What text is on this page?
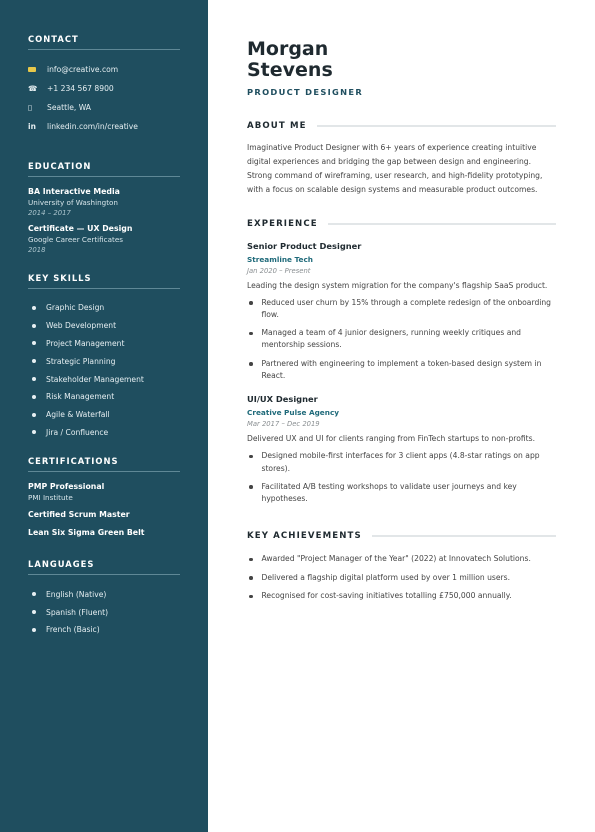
CONTACT
info@creative.com
☎	+1 234 567 8900
▯	Seattle, WA
in	linkedin.com/in/creative
EDUCATION
BA Interactive Media
University of Washington
2014 – 2017
Certificate — UX Design
Google Career Certificates
2018
KEY SKILLS
Graphic Design
Web Development
Project Management
Strategic Planning
Stakeholder Management
Risk Management
Agile & Waterfall
Jira / Confluence
CERTIFICATIONS
PMP Professional
PMI Institute
Certified Scrum Master
Lean Six Sigma Green Belt
LANGUAGES
English (Native)
Spanish (Fluent)
French (Basic)
Morgan
Stevens
PRODUCT DESIGNER
ABOUT ME
Imaginative Product Designer with 6+ years of experience creating intuitive digital experiences and bridging the gap between design and engineering. Strong command of wireframing, user research, and high-fidelity prototyping, with a focus on scalable design systems and measurable product outcomes.
EXPERIENCE
Senior Product Designer
Streamline Tech
Jan 2020 – Present
Leading the design system migration for the company's flagship SaaS product.
Reduced user churn by 15% through a complete redesign of the onboarding flow.
Managed a team of 4 junior designers, running weekly critiques and mentorship sessions.
Partnered with engineering to implement a token-based design system in React.
UI/UX Designer
Creative Pulse Agency
Mar 2017 – Dec 2019
Delivered UX and UI for clients ranging from FinTech startups to non-profits.
Designed mobile-first interfaces for 3 client apps (4.8-star ratings on app stores).
Facilitated A/B testing workshops to validate user journeys and key hypotheses.
KEY ACHIEVEMENTS
Awarded "Project Manager of the Year" (2022) at Innovatech Solutions.
Delivered a flagship digital platform used by over 1 million users.
Recognised for cost-saving initiatives totalling £750,000 annually.
